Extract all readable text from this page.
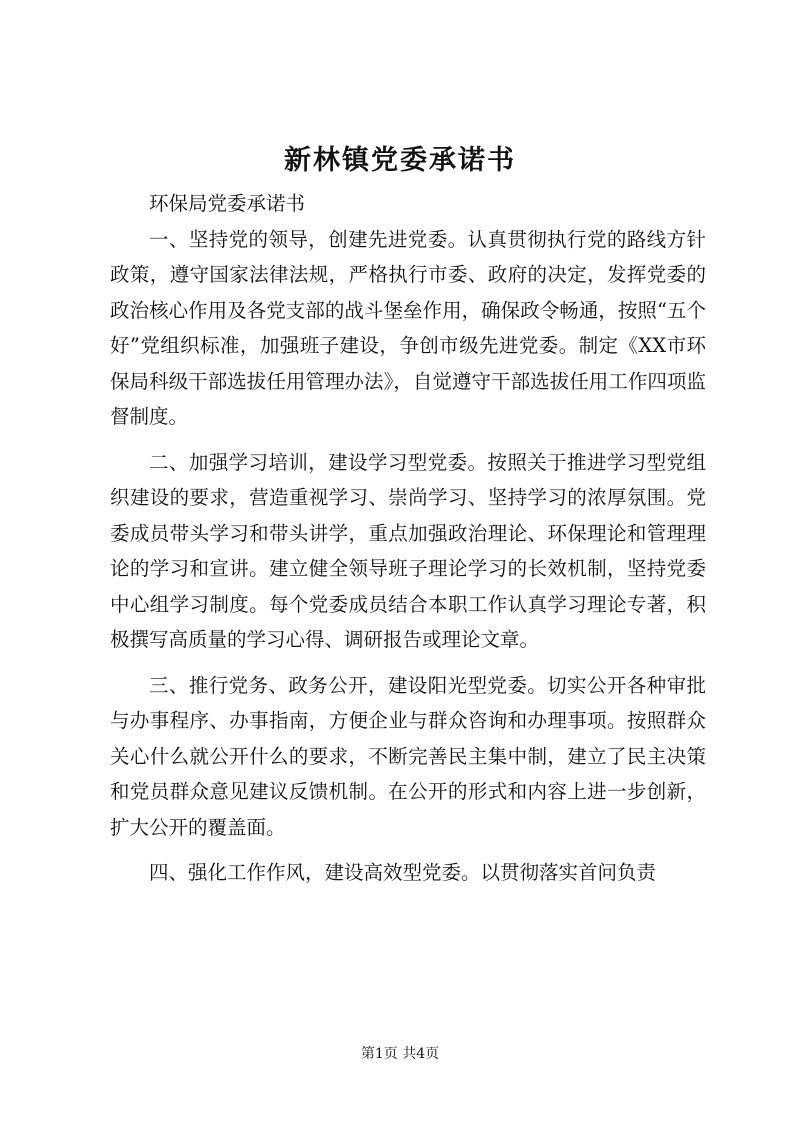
新林镇党委承诺书

环保局党委承诺书

一、坚持党的领导，创建先进党委。认真贯彻执行党的路线方针政策，遵守国家法律法规，严格执行市委、政府的决定，发挥党委的政治核心作用及各党支部的战斗堡垒作用，确保政令畅通，按照“五个好”党组织标准，加强班子建设，争创市级先进党委。制定《XX市环保局科级干部选拔任用管理办法》，自觉遵守干部选拔任用工作四项监督制度。

二、加强学习培训，建设学习型党委。按照关于推进学习型党组织建设的要求，营造重视学习、崇尚学习、坚持学习的浓厚氛围。党委成员带头学习和带头讲学，重点加强政治理论、环保理论和管理理论的学习和宣讲。建立健全领导班子理论学习的长效机制，坚持党委中心组学习制度。每个党委成员结合本职工作认真学习理论专著，积极撰写高质量的学习心得、调研报告或理论文章。

三、推行党务、政务公开，建设阳光型党委。切实公开各种审批与办事程序、办事指南，方便企业与群众咨询和办理事项。按照群众关心什么就公开什么的要求，不断完善民主集中制，建立了民主决策和党员群众意见建议反馈机制。在公开的形式和内容上进一步创新，扩大公开的覆盖面。

四、强化工作作风，建设高效型党委。以贯彻落实首问负责

第1页 共4页
